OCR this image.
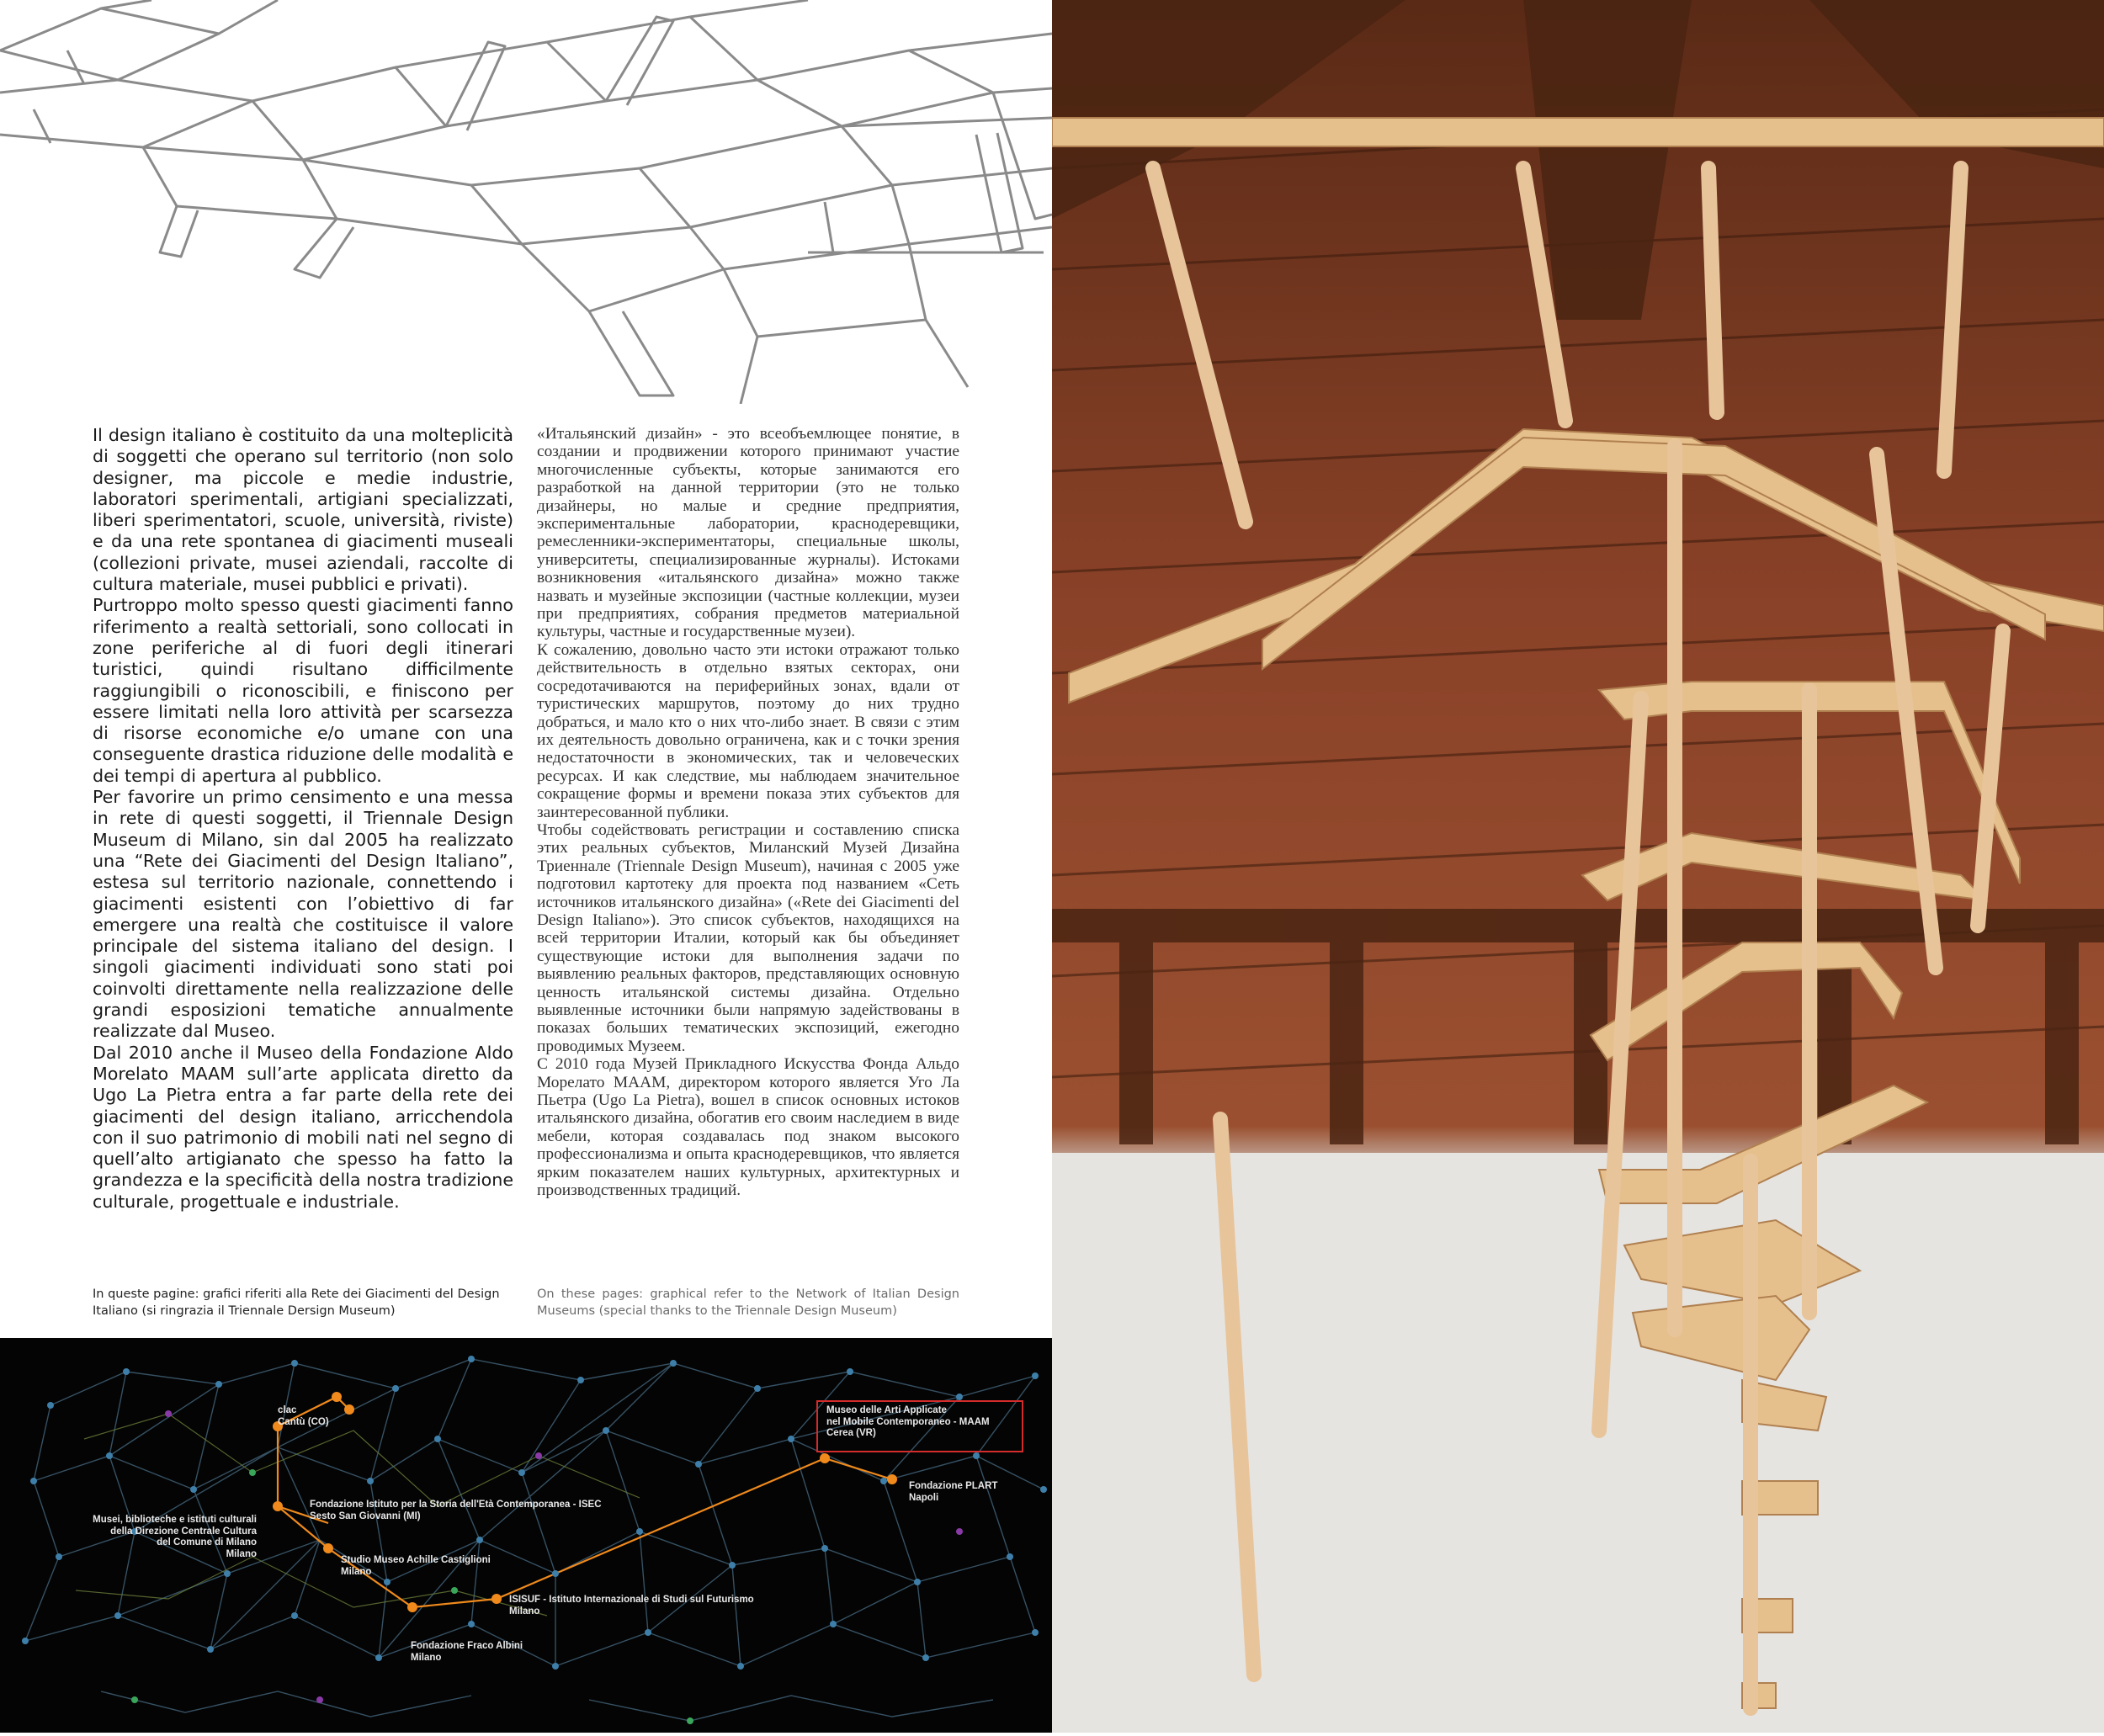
Il design italiano è costituito da una molteplicità di soggetti che operano sul territorio (non solo designer, ma piccole e medie industrie, laboratori sperimentali, artigiani specializzati, liberi sperimentatori, scuole, università, riviste) e da una rete spontanea di giacimenti museali (collezioni private, musei aziendali, raccolte di cultura materiale, musei pubblici e privati).

Purtroppo molto spesso questi giacimenti fanno riferimento a realtà settoriali, sono collocati in zone periferiche al di fuori degli itinerari turistici, quindi risultano difficilmente raggiungibili o riconoscibili, e finiscono per essere limitati nella loro attività per scarsezza di risorse economiche e/o umane con una conseguente drastica riduzione delle modalità e dei tempi di apertura al pubblico.

Per favorire un primo censimento e una messa in rete di questi soggetti, il Triennale Design Museum di Milano, sin dal 2005 ha realizzato una “Rete dei Giacimenti del Design Italiano”, estesa sul territorio nazionale, connettendo i giacimenti esistenti con l’obiettivo di far emergere una realtà che costituisce il valore principale del sistema italiano del design. I singoli giacimenti individuati sono stati poi coinvolti direttamente nella realizzazione delle grandi esposizioni tematiche annualmente realizzate dal Museo.

Dal 2010 anche il Museo della Fondazione Aldo Morelato MAAM sull’arte applicata diretto da Ugo La Pietra entra a far parte della rete dei giacimenti del design italiano, arricchendola con il suo patrimonio di mobili nati nel segno di quell’alto artigianato che spesso ha fatto la grandezza e la specificità della nostra tradizione culturale, progettuale e industriale.

«Итальянский дизайн» - это всеобъемлющее понятие, в создании и продвижении которого принимают участие многочисленные субъекты, которые занимаются его разработкой на данной территории (это не только дизайнеры, но малые и средние предприятия, экспериментальные лаборатории, краснодеревщики, ремесленники-экспериментаторы, специальные школы, университеты, специализированные журналы). Истоками возникновения «итальянского дизайна» можно также назвать и музейные экспозиции (частные коллекции, музеи при предприятиях, собрания предметов материальной культуры, частные и государственные музеи).

К сожалению, довольно часто эти истоки отражают только действительность в отдельно взятых секторах, они сосредотачиваются на периферийных зонах, вдали от туристических маршрутов, поэтому до них трудно добраться, и мало кто о них что-либо знает. В связи с этим их деятельность довольно ограничена, как и с точки зрения недостаточности в экономических, так и человеческих ресурсах. И как следствие, мы наблюдаем значительное сокращение формы и времени показа этих субъектов для заинтересованной публики.

Чтобы содействовать регистрации и составлению списка этих реальных субъектов, Миланский Музей Дизайна Триеннале (Triennale Design Museum), начиная с 2005 уже подготовил картотеку для проекта под названием «Сеть источников итальянского дизайна» («Rete dei Giacimenti del Design Italiano»). Это список субъектов, находящихся на всей территории Италии, который как бы объединяет существующие истоки для выполнения задачи по выявлению реальных факторов, представляющих основную ценность итальянской системы дизайна. Отдельно выявленные источники были напрямую задействованы в показах больших тематических экспозиций, ежегодно проводимых Музеем.

С 2010 года Музей Прикладного Искусства Фонда Альдо Морелато МААМ, директором которого является Уго Ла Пьетра (Ugo La Pietra), вошел в список основных истоков итальянского дизайна, обогатив его своим наследием в виде мебели, которая создавалась под знаком высокого профессионализма и опыта краснодеревщиков, что является ярким показателем наших культурных, архитектурных и производственных традиций.

In queste pagine: grafici riferiti alla Rete dei Giacimenti del Design Italiano (si ringrazia il Triennale Dersign Museum)
On these pages: graphical refer to the Network of Italian Design Museums (special thanks to the Triennale Design Museum)
clac
Cantù (CO)
Musei, biblioteche e istituti culturali
della Direzione Centrale Cultura
del Comune di Milano
Milano
Fondazione Istituto per la Storia dell'Età Contemporanea - ISEC
Sesto San Giovanni (MI)
Studio Museo Achille Castiglioni
Milano
ISISUF - Istituto Internazionale di Studi sul Futurismo
Milano
Fondazione Fraco Albini
Milano
Museo delle Arti Applicate
nel Mobile Contemporaneo - MAAM
Cerea (VR)
Fondazione PLART
Napoli
